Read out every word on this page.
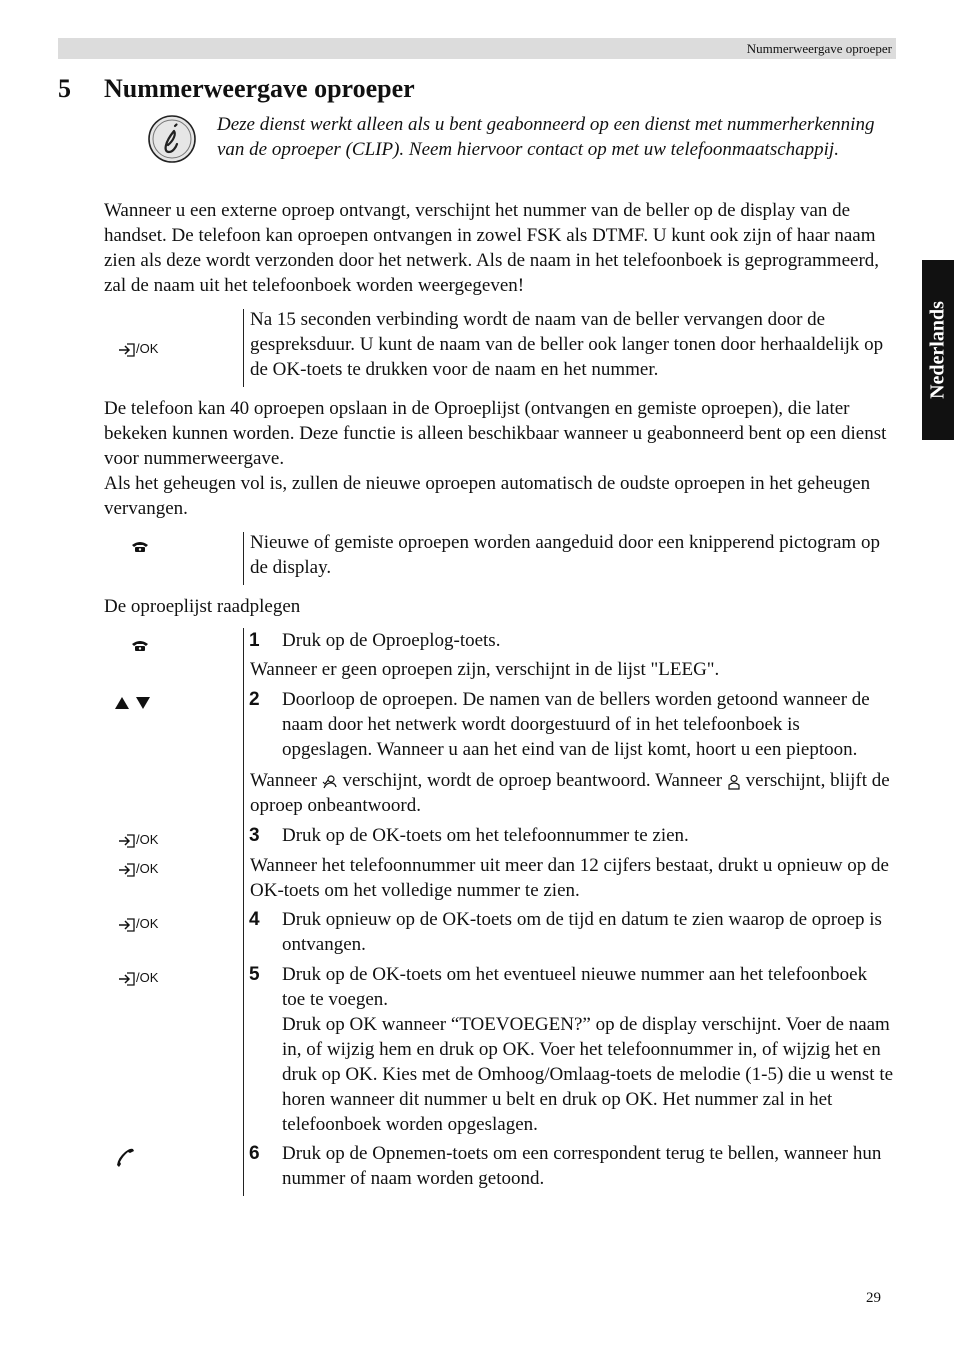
Nummerweergave oproeper
5 Nummerweergave oproeper
Nederlands
Deze dienst werkt alleen als u bent geabonneerd op een dienst met nummerherkenning van de oproeper (CLIP). Neem hiervoor contact op met uw telefoonmaatschappij.
Wanneer u een externe oproep ontvangt, verschijnt het nummer van de beller op de display van de handset. De telefoon kan oproepen ontvangen in zowel FSK als DTMF. U kunt ook zijn of haar naam zien als deze wordt verzonden door het netwerk. Als de naam in het telefoonboek is geprogrammeerd, zal de naam uit het telefoonboek worden weergegeven!
/OK
Na 15 seconden verbinding wordt de naam van de beller vervangen door de gespreksduur. U kunt de naam van de beller ook langer tonen door herhaaldelijk op de OK-toets te drukken voor de naam en het nummer.
De telefoon kan 40 oproepen opslaan in de Oproeplijst (ontvangen en gemiste oproepen), die later bekeken kunnen worden. Deze functie is alleen beschikbaar wanneer u geabonneerd bent op een dienst voor nummerweergave.
Als het geheugen vol is, zullen de nieuwe oproepen automatisch de oudste oproepen in het geheugen vervangen.
Nieuwe of gemiste oproepen worden aangeduid door een knipperend pictogram op de display.
De oproeplijst raadplegen
/OK
/OK
/OK
/OK
1 Druk op de Oproeplog-toets.
Wanneer er geen oproepen zijn, verschijnt in de lijst "LEEG".
2 Doorloop de oproepen. De namen van de bellers worden getoond wanneer de naam door het netwerk wordt doorgestuurd of in het telefoonboek is opgeslagen. Wanneer u aan het eind van de lijst komt, hoort u een pieptoon.
Wanneer verschijnt, wordt de oproep beantwoord. Wanneer verschijnt, blijft de oproep onbeantwoord.
3 Druk op de OK-toets om het telefoonnummer te zien.
Wanneer het telefoonnummer uit meer dan 12 cijfers bestaat, drukt u opnieuw op de OK-toets om het volledige nummer te zien.
4 Druk opnieuw op de OK-toets om de tijd en datum te zien waarop de oproep is ontvangen.
5 Druk op de OK-toets om het eventueel nieuwe nummer aan het telefoonboek toe te voegen.
Druk op OK wanneer “TOEVOEGEN?” op de display verschijnt. Voer de naam in, of wijzig hem en druk op OK. Voer het telefoonnummer in, of wijzig het en druk op OK. Kies met de Omhoog/Omlaag-toets de melodie (1-5) die u wenst te horen wanneer dit nummer u belt en druk op OK. Het nummer zal in het telefoonboek worden opgeslagen.
6 Druk op de Opnemen-toets om een correspondent terug te bellen, wanneer hun nummer of naam worden getoond.
29
